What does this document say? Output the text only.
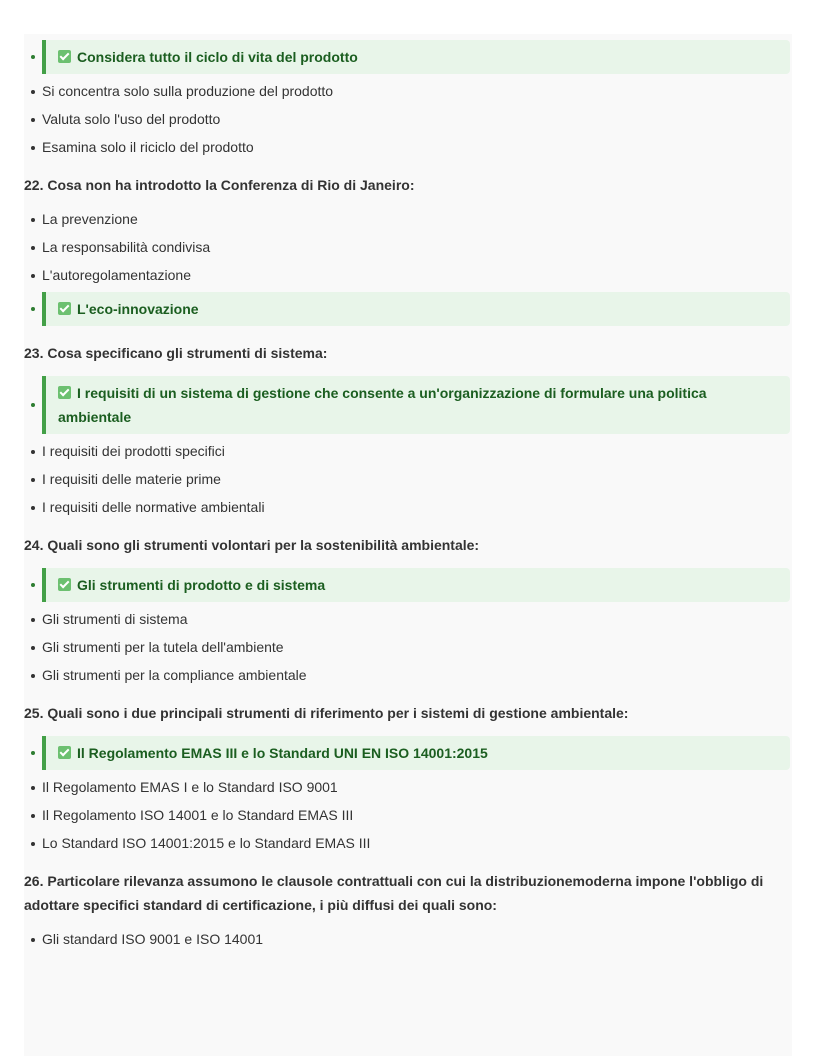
Considera tutto il ciclo di vita del prodotto
Si concentra solo sulla produzione del prodotto
Valuta solo l'uso del prodotto
Esamina solo il riciclo del prodotto
22. Cosa non ha introdotto la Conferenza di Rio di Janeiro:
La prevenzione
La responsabilità condivisa
L'autoregolamentazione
L'eco-innovazione
23. Cosa specificano gli strumenti di sistema:
I requisiti di un sistema di gestione che consente a un'organizzazione di formulare una politica ambientale
I requisiti dei prodotti specifici
I requisiti delle materie prime
I requisiti delle normative ambientali
24. Quali sono gli strumenti volontari per la sostenibilità ambientale:
Gli strumenti di prodotto e di sistema
Gli strumenti di sistema
Gli strumenti per la tutela dell'ambiente
Gli strumenti per la compliance ambientale
25. Quali sono i due principali strumenti di riferimento per i sistemi di gestione ambientale:
Il Regolamento EMAS III e lo Standard UNI EN ISO 14001:2015
Il Regolamento EMAS I e lo Standard ISO 9001
Il Regolamento ISO 14001 e lo Standard EMAS III
Lo Standard ISO 14001:2015 e lo Standard EMAS III
26. Particolare rilevanza assumono le clausole contrattuali con cui la distribuzionemoderna impone l'obbligo di adottare specifici standard di certificazione, i più diffusi dei quali sono:
Gli standard ISO 9001 e ISO 14001
